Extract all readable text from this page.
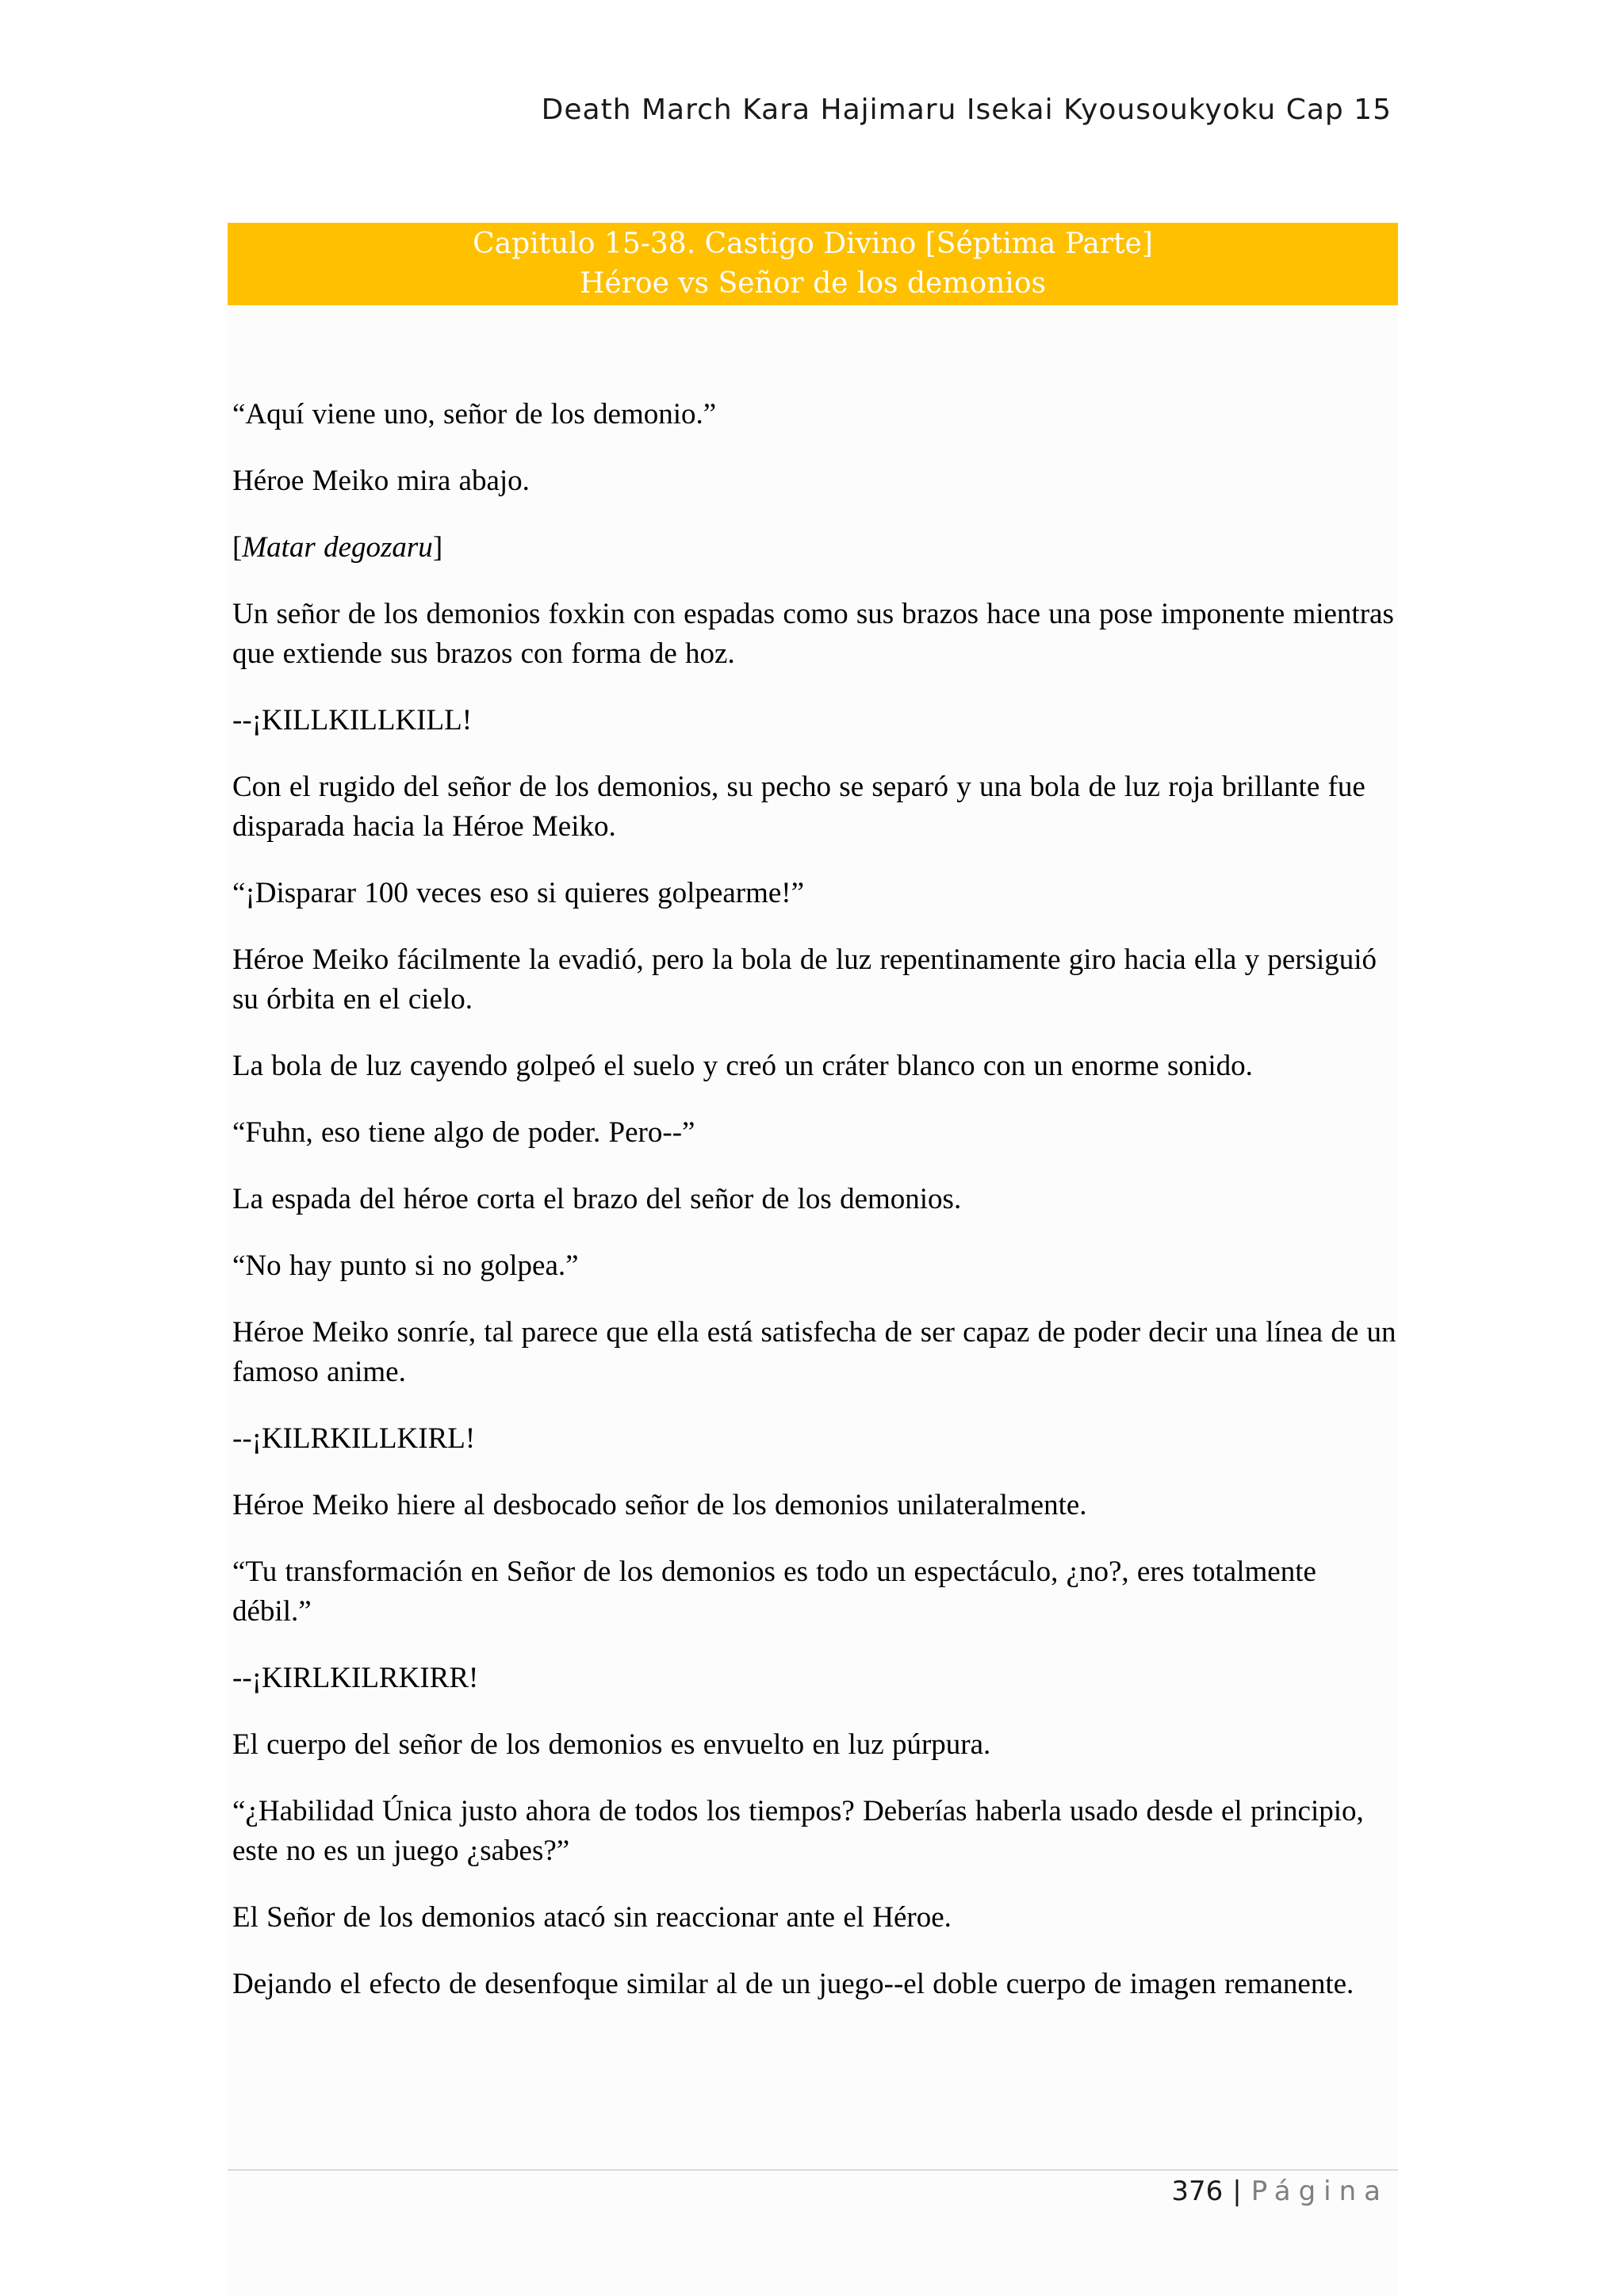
Death March Kara Hajimaru Isekai Kyousoukyoku Cap 15
Capitulo 15-38. Castigo Divino [Séptima Parte]
Héroe vs Señor de los demonios

“Aquí viene uno, señor de los demonio.”

Héroe Meiko mira abajo.

[Matar degozaru]

Un señor de los demonios foxkin con espadas como sus brazos hace una pose imponente mientras que extiende sus brazos con forma de hoz.

--¡KILLKILLKILL!

Con el rugido del señor de los demonios, su pecho se separó y una bola de luz roja brillante fue disparada hacia la Héroe Meiko.

“¡Disparar 100 veces eso si quieres golpearme!”

Héroe Meiko fácilmente la evadió, pero la bola de luz repentinamente giro hacia ella y persiguió su órbita en el cielo.

La bola de luz cayendo golpeó el suelo y creó un cráter blanco con un enorme sonido.

“Fuhn, eso tiene algo de poder. Pero--”

La espada del héroe corta el brazo del señor de los demonios.

“No hay punto si no golpea.”

Héroe Meiko sonríe, tal parece que ella está satisfecha de ser capaz de poder decir una línea de un famoso anime.

--¡KILRKILLKIRL!

Héroe Meiko hiere al desbocado señor de los demonios unilateralmente.

“Tu transformación en Señor de los demonios es todo un espectáculo, ¿no?, eres totalmente débil.”

--¡KIRLKILRKIRR!

El cuerpo del señor de los demonios es envuelto en luz púrpura.

“¿Habilidad Única justo ahora de todos los tiempos? Deberías haberla usado desde el principio, este no es un juego ¿sabes?”

El Señor de los demonios atacó sin reaccionar ante el Héroe.

Dejando el efecto de desenfoque similar al de un juego--el doble cuerpo de imagen remanente.

376 | Página
